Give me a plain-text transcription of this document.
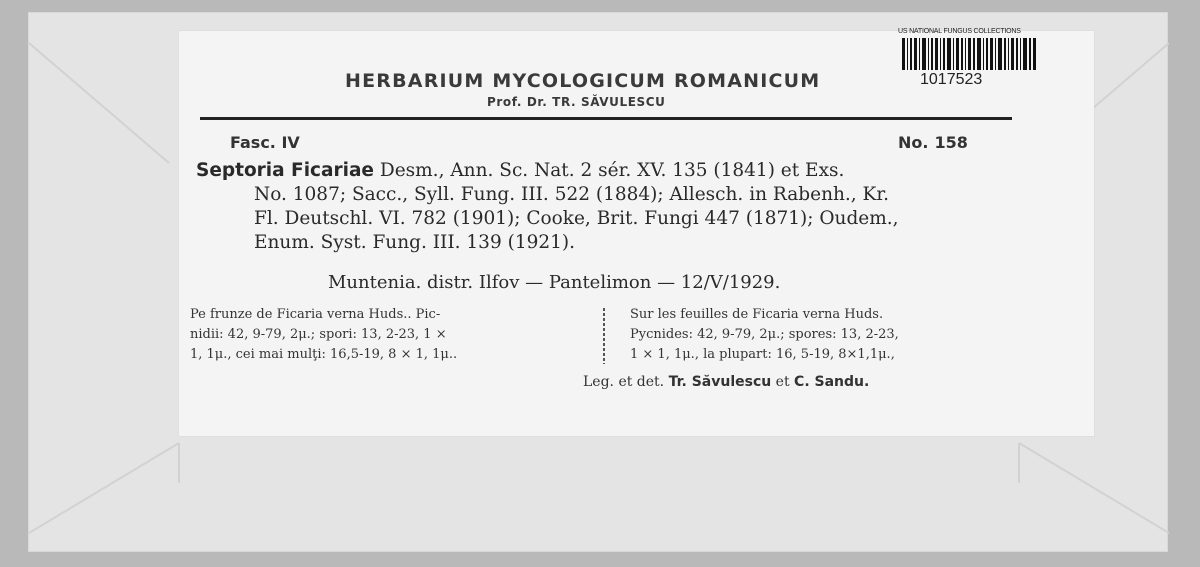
US NATIONAL FUNGUS COLLECTIONS
1017523
HERBARIUM MYCOLOGICUM ROMANICUM
Prof. Dr. TR. SĂVULESCU
Fasc. IV	No. 158
Septoria Ficariae Desm., Ann. Sc. Nat. 2 sér. XV. 135 (1841) et Exs.
No. 1087; Sacc., Syll. Fung. III. 522 (1884); Allesch. in Rabenh., Kr.
Fl. Deutschl. VI. 782 (1901); Cooke, Brit. Fungi 447 (1871); Oudem.,
Enum. Syst. Fung. III. 139 (1921).
Muntenia. distr. Ilfov — Pantelimon — 12/V/1929.
Pe frunze de Ficaria verna Huds.. Pic-
nidii: 42, 9-79, 2μ.; spori: 13, 2-23, 1 ×
1, 1μ., cei mai mulţi: 16,5-19, 8 × 1, 1μ..
Sur les feuilles de Ficaria verna Huds.
Pycnides: 42, 9-79, 2μ.; spores: 13, 2-23,
1 × 1, 1μ., la plupart: 16, 5-19, 8×1,1μ.,
Leg. et det. Tr. Săvulescu et C. Sandu.
